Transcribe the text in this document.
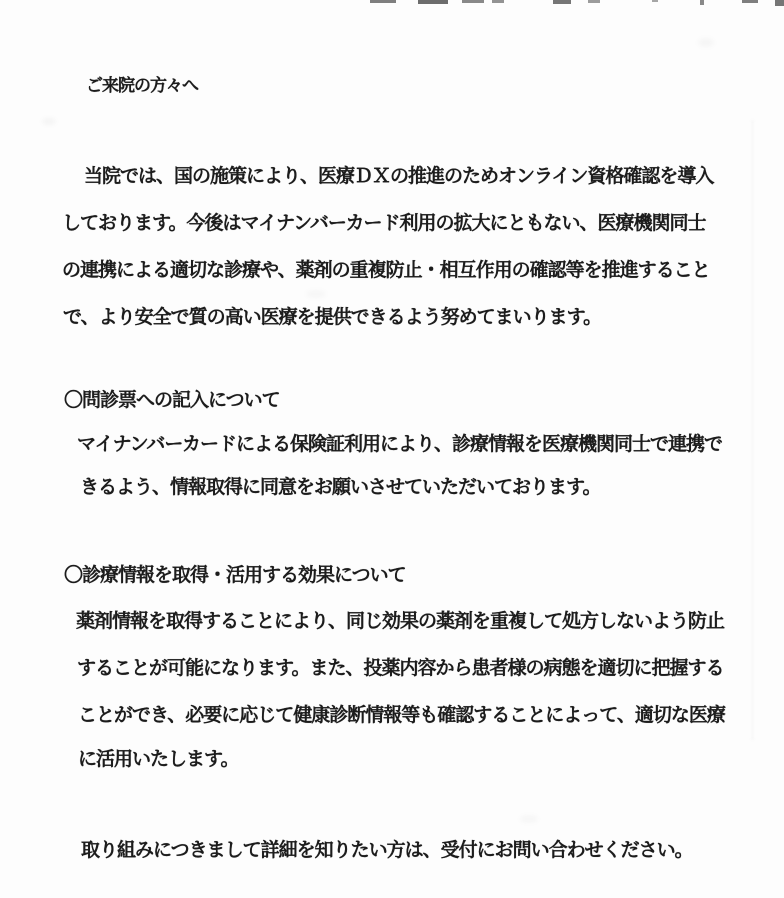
ご来院の方々へ
当院では、国の施策により、医療ＤＸの推進のためオンライン資格確認を導入
しております。今後はマイナンバーカード利用の拡大にともない、医療機関同士
の連携による適切な診療や、薬剤の重複防止・相互作用の確認等を推進すること
で、より安全で質の高い医療を提供できるよう努めてまいります。
〇問診票への記入について
マイナンバーカードによる保険証利用により、診療情報を医療機関同士で連携で
きるよう、情報取得に同意をお願いさせていただいております。
〇診療情報を取得・活用する効果について
薬剤情報を取得することにより、同じ効果の薬剤を重複して処方しないよう防止
することが可能になります。また、投薬内容から患者様の病態を適切に把握する
ことができ、必要に応じて健康診断情報等も確認することによって、適切な医療
に活用いたします。
取り組みにつきまして詳細を知りたい方は、受付にお問い合わせください。
